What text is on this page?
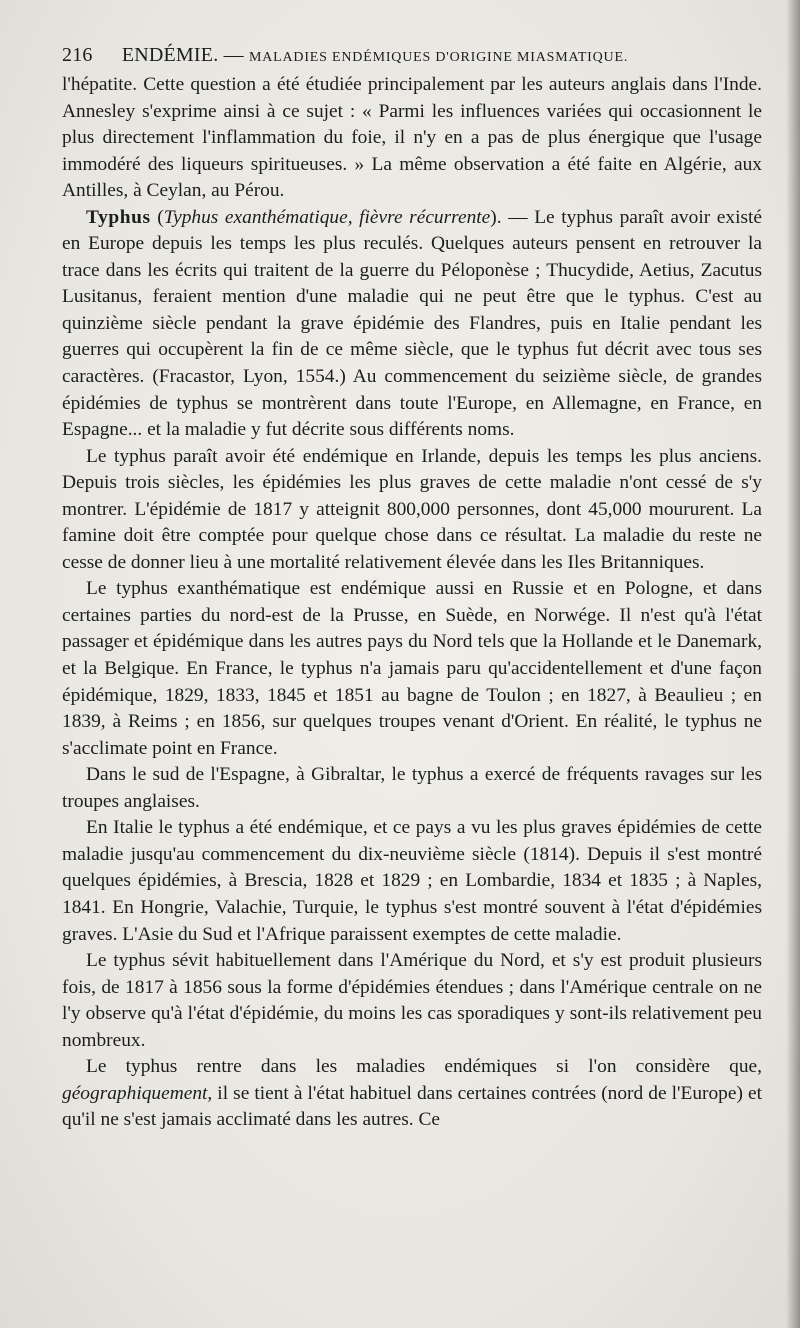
216 ENDÉMIE. — MALADIES ENDÉMIQUES D'ORIGINE MIASMATIQUE.

l'hépatite. Cette question a été étudiée principalement par les auteurs anglais dans l'Inde. Annesley s'exprime ainsi à ce sujet : « Parmi les influences variées qui occasionnent le plus directement l'inflammation du foie, il n'y en a pas de plus énergique que l'usage immodéré des liqueurs spiritueuses. » La même observation a été faite en Algérie, aux Antilles, à Ceylan, au Pérou.

Typhus (Typhus exanthématique, fièvre récurrente). — Le typhus paraît avoir existé en Europe depuis les temps les plus reculés. Quelques auteurs pensent en retrouver la trace dans les écrits qui traitent de la guerre du Péloponèse ; Thucydide, Aetius, Zacutus Lusitanus, feraient mention d'une maladie qui ne peut être que le typhus. C'est au quinzième siècle pendant la grave épidémie des Flandres, puis en Italie pendant les guerres qui occupèrent la fin de ce même siècle, que le typhus fut décrit avec tous ses caractères. (Fracastor, Lyon, 1554.) Au commencement du seizième siècle, de grandes épidémies de typhus se montrèrent dans toute l'Europe, en Allemagne, en France, en Espagne... et la maladie y fut décrite sous différents noms.

Le typhus paraît avoir été endémique en Irlande, depuis les temps les plus anciens. Depuis trois siècles, les épidémies les plus graves de cette maladie n'ont cessé de s'y montrer. L'épidémie de 1817 y atteignit 800,000 personnes, dont 45,000 moururent. La famine doit être comptée pour quelque chose dans ce résultat. La maladie du reste ne cesse de donner lieu à une mortalité relativement élevée dans les Iles Britanniques.

Le typhus exanthématique est endémique aussi en Russie et en Pologne, et dans certaines parties du nord-est de la Prusse, en Suède, en Norwége. Il n'est qu'à l'état passager et épidémique dans les autres pays du Nord tels que la Hollande et le Danemark, et la Belgique. En France, le typhus n'a jamais paru qu'accidentellement et d'une façon épidémique, 1829, 1833, 1845 et 1851 au bagne de Toulon ; en 1827, à Beaulieu ; en 1839, à Reims ; en 1856, sur quelques troupes venant d'Orient. En réalité, le typhus ne s'acclimate point en France.

Dans le sud de l'Espagne, à Gibraltar, le typhus a exercé de fréquents ravages sur les troupes anglaises.

En Italie le typhus a été endémique, et ce pays a vu les plus graves épidémies de cette maladie jusqu'au commencement du dix-neuvième siècle (1814). Depuis il s'est montré quelques épidémies, à Brescia, 1828 et 1829 ; en Lombardie, 1834 et 1835 ; à Naples, 1841. En Hongrie, Valachie, Turquie, le typhus s'est montré souvent à l'état d'épidémies graves. L'Asie du Sud et l'Afrique paraissent exemptes de cette maladie.

Le typhus sévit habituellement dans l'Amérique du Nord, et s'y est produit plusieurs fois, de 1817 à 1856 sous la forme d'épidémies étendues ; dans l'Amérique centrale on ne l'y observe qu'à l'état d'épidémie, du moins les cas sporadiques y sont-ils relativement peu nombreux.

Le typhus rentre dans les maladies endémiques si l'on considère que, géographiquement, il se tient à l'état habituel dans certaines contrées (nord de l'Europe) et qu'il ne s'est jamais acclimaté dans les autres. Ce
